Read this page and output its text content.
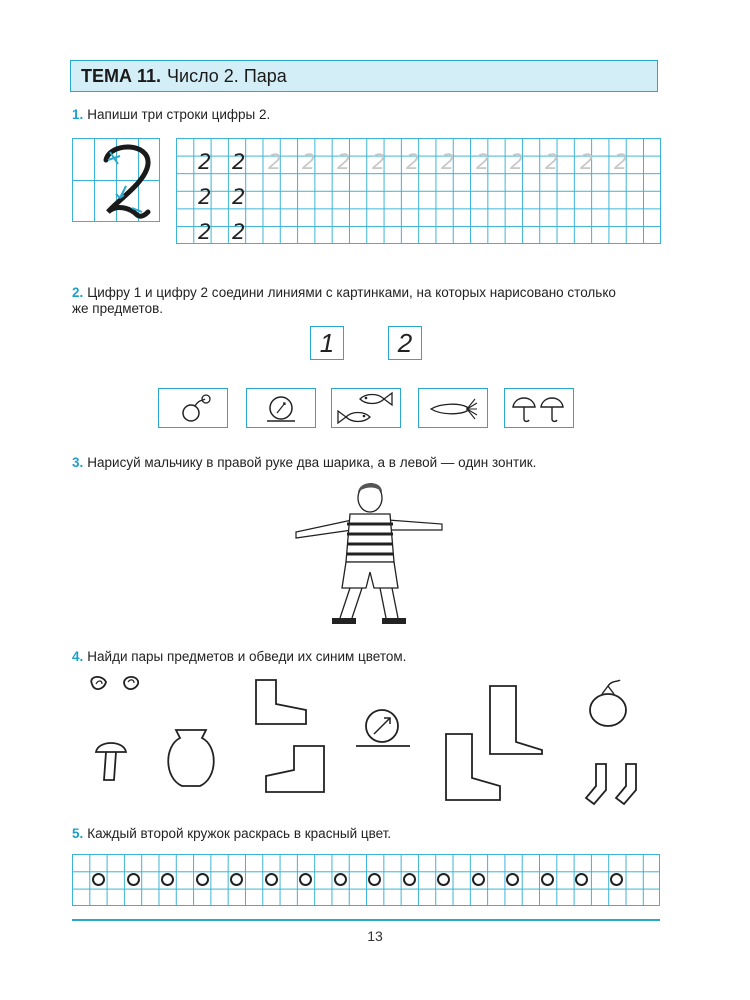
ТЕМА 11. Число 2. Пара
1. Напиши три строки цифры 2.
2 2 2 2 2 2 2 2 2 2 2 2 2
2 2
2 2
2. Цифру 1 и цифру 2 соедини линиями с картинками, на которых нарисовано столько
же предметов.
1 2
3. Нарисуй мальчику в правой руке два шарика, а в левой — один зонтик.
4. Найди пары предметов и обведи их синим цветом.
5. Каждый второй кружок раскрась в красный цвет.
13
